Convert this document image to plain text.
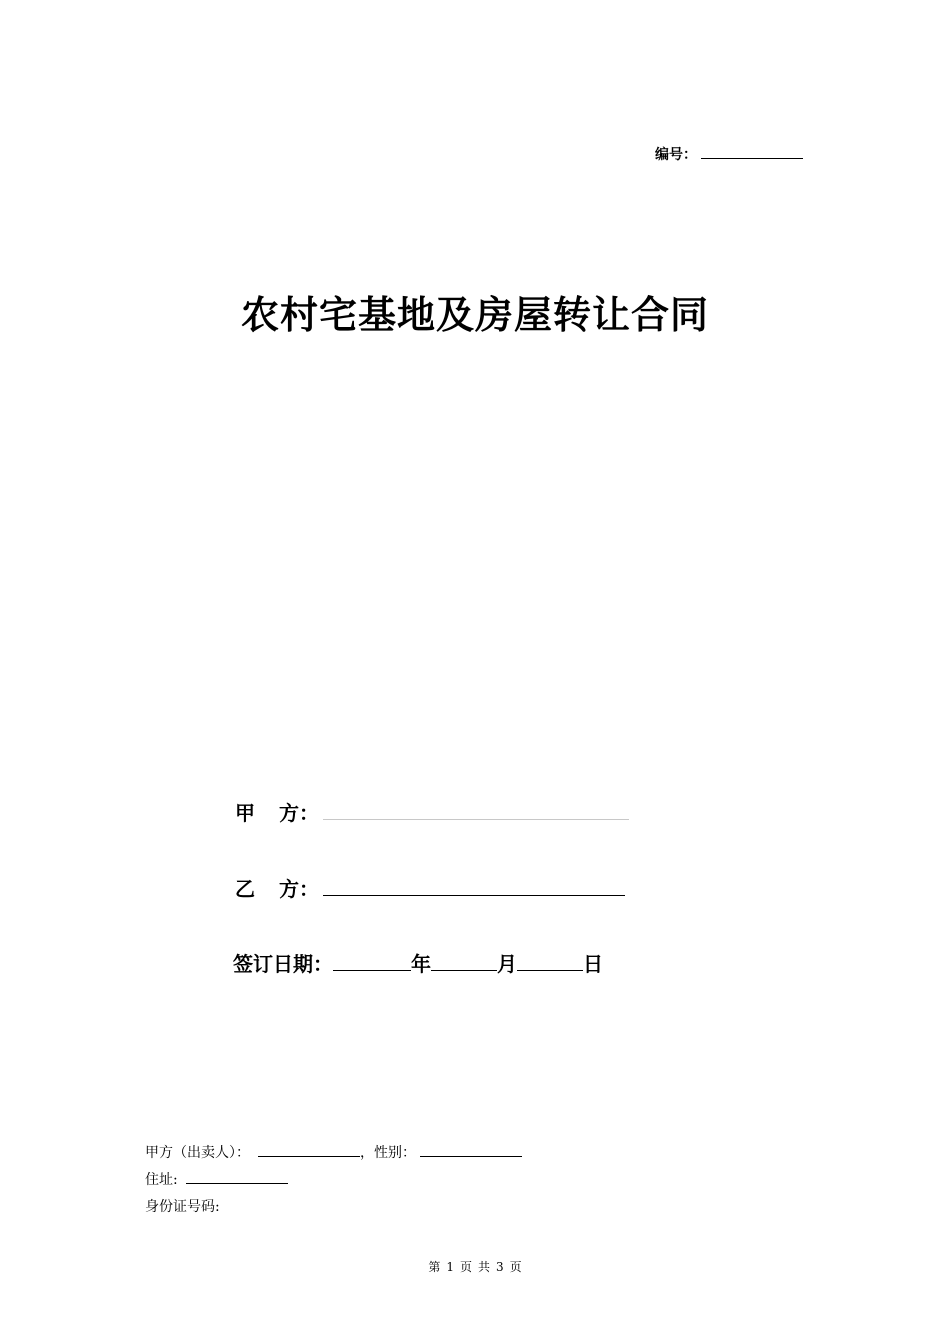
编号：
农村宅基地及房屋转让合同
甲 方：
乙 方：
签订日期：	年	月	日
甲方（出卖人）：	，性别：
住址:
身份证号码:
第 1 页 共 3 页
